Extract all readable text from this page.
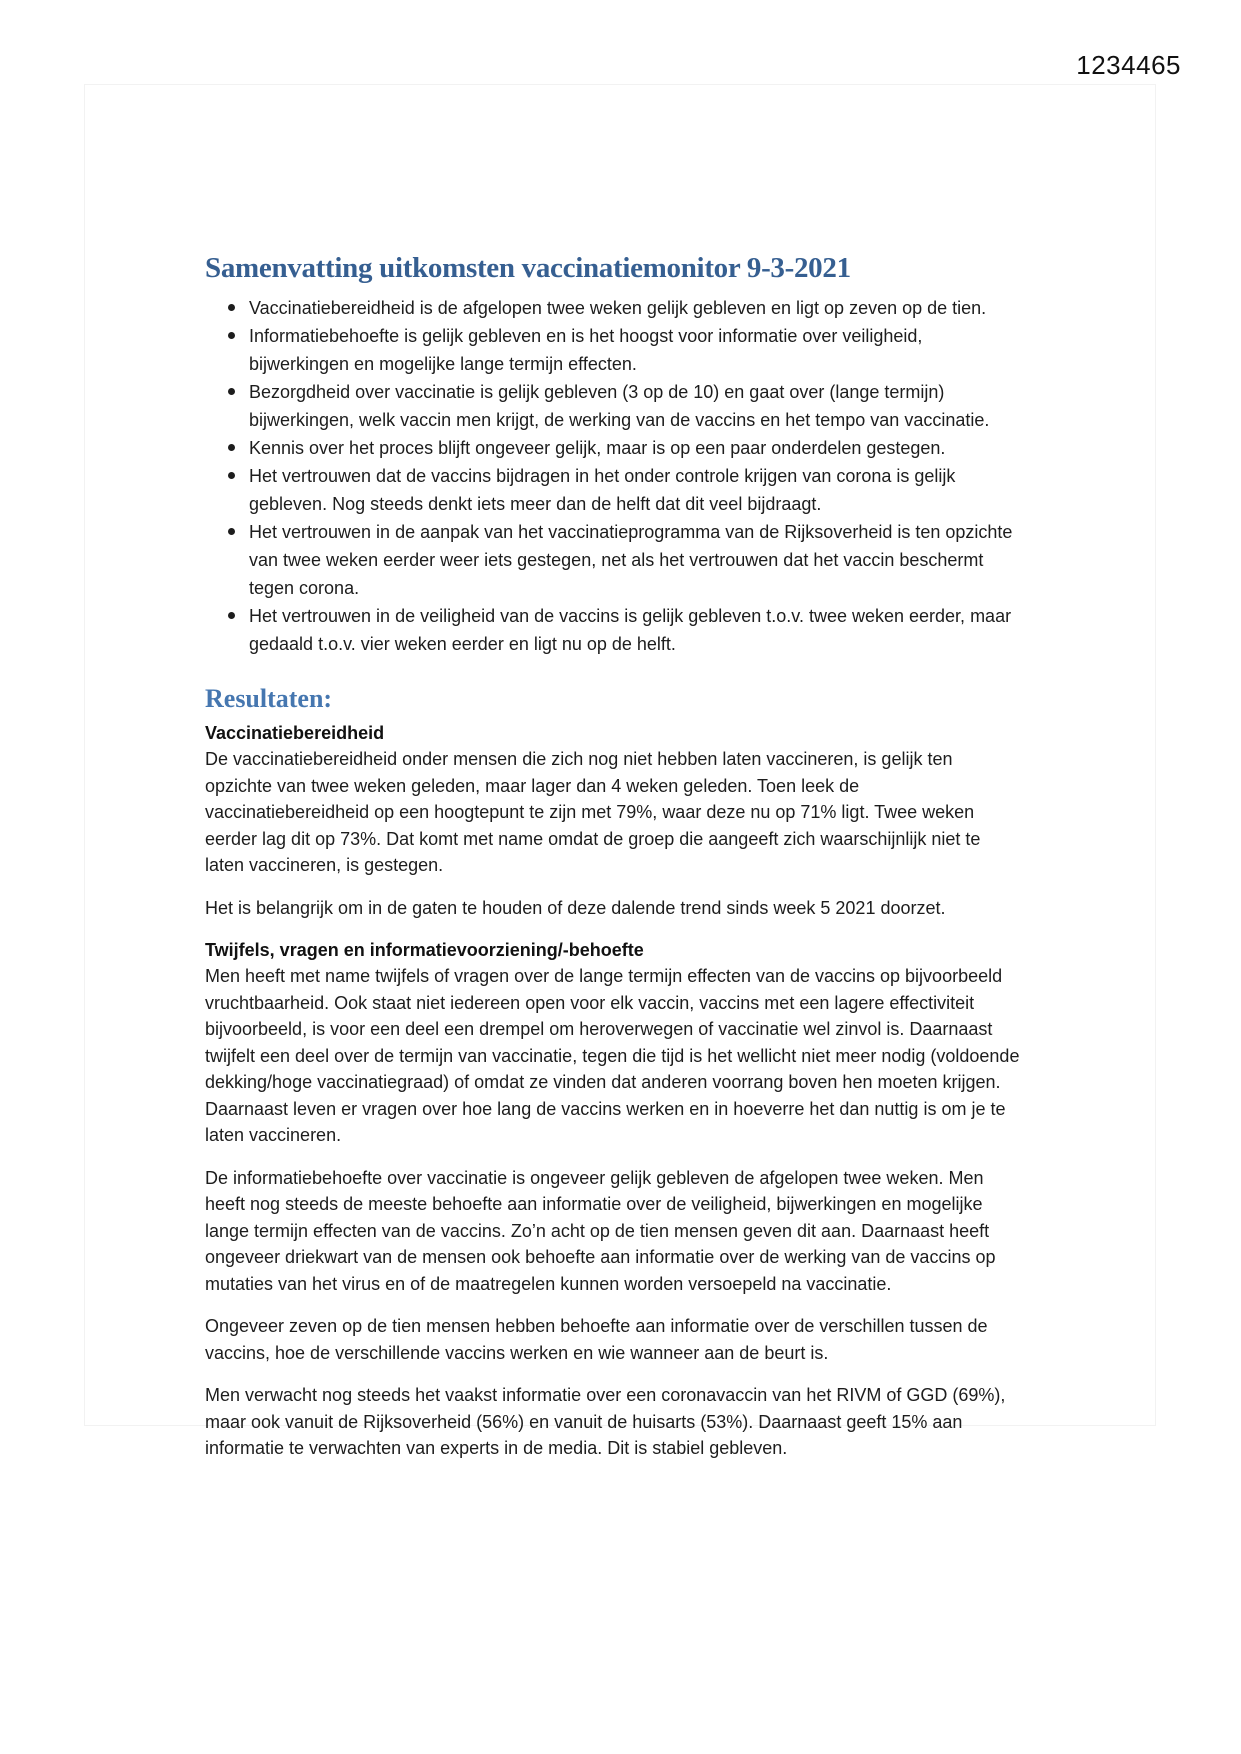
1234465
Samenvatting uitkomsten vaccinatiemonitor 9-3-2021
Vaccinatiebereidheid is de afgelopen twee weken gelijk gebleven en ligt op zeven op de tien.
Informatiebehoefte is gelijk gebleven en is het hoogst voor informatie over veiligheid, bijwerkingen en mogelijke lange termijn effecten.
Bezorgdheid over vaccinatie is gelijk gebleven (3 op de 10) en gaat over (lange termijn) bijwerkingen, welk vaccin men krijgt, de werking van de vaccins en het tempo van vaccinatie.
Kennis over het proces blijft ongeveer gelijk, maar is op een paar onderdelen gestegen.
Het vertrouwen dat de vaccins bijdragen in het onder controle krijgen van corona is gelijk gebleven. Nog steeds denkt iets meer dan de helft dat dit veel bijdraagt.
Het vertrouwen in de aanpak van het vaccinatieprogramma van de Rijksoverheid is ten opzichte van twee weken eerder weer iets gestegen, net als het vertrouwen dat het vaccin beschermt tegen corona.
Het vertrouwen in de veiligheid van de vaccins is gelijk gebleven t.o.v. twee weken eerder, maar gedaald t.o.v. vier weken eerder en ligt nu op de helft.
Resultaten:
Vaccinatiebereidheid

De vaccinatiebereidheid onder mensen die zich nog niet hebben laten vaccineren, is gelijk ten opzichte van twee weken geleden, maar lager dan 4 weken geleden. Toen leek de vaccinatiebereidheid op een hoogtepunt te zijn met 79%, waar deze nu op 71% ligt. Twee weken eerder lag dit op 73%. Dat komt met name omdat de groep die aangeeft zich waarschijnlijk niet te laten vaccineren, is gestegen.

Het is belangrijk om in de gaten te houden of deze dalende trend sinds week 5 2021 doorzet.

Twijfels, vragen en informatievoorziening/-behoefte

Men heeft met name twijfels of vragen over de lange termijn effecten van de vaccins op bijvoorbeeld vruchtbaarheid. Ook staat niet iedereen open voor elk vaccin, vaccins met een lagere effectiviteit bijvoorbeeld, is voor een deel een drempel om heroverwegen of vaccinatie wel zinvol is. Daarnaast twijfelt een deel over de termijn van vaccinatie, tegen die tijd is het wellicht niet meer nodig (voldoende dekking/hoge vaccinatiegraad) of omdat ze vinden dat anderen voorrang boven hen moeten krijgen. Daarnaast leven er vragen over hoe lang de vaccins werken en in hoeverre het dan nuttig is om je te laten vaccineren.

De informatiebehoefte over vaccinatie is ongeveer gelijk gebleven de afgelopen twee weken. Men heeft nog steeds de meeste behoefte aan informatie over de veiligheid, bijwerkingen en mogelijke lange termijn effecten van de vaccins. Zo’n acht op de tien mensen geven dit aan. Daarnaast heeft ongeveer driekwart van de mensen ook behoefte aan informatie over de werking van de vaccins op mutaties van het virus en of de maatregelen kunnen worden versoepeld na vaccinatie.

Ongeveer zeven op de tien mensen hebben behoefte aan informatie over de verschillen tussen de vaccins, hoe de verschillende vaccins werken en wie wanneer aan de beurt is.

Men verwacht nog steeds het vaakst informatie over een coronavaccin van het RIVM of GGD (69%), maar ook vanuit de Rijksoverheid (56%) en vanuit de huisarts (53%). Daarnaast geeft 15% aan informatie te verwachten van experts in de media. Dit is stabiel gebleven.
